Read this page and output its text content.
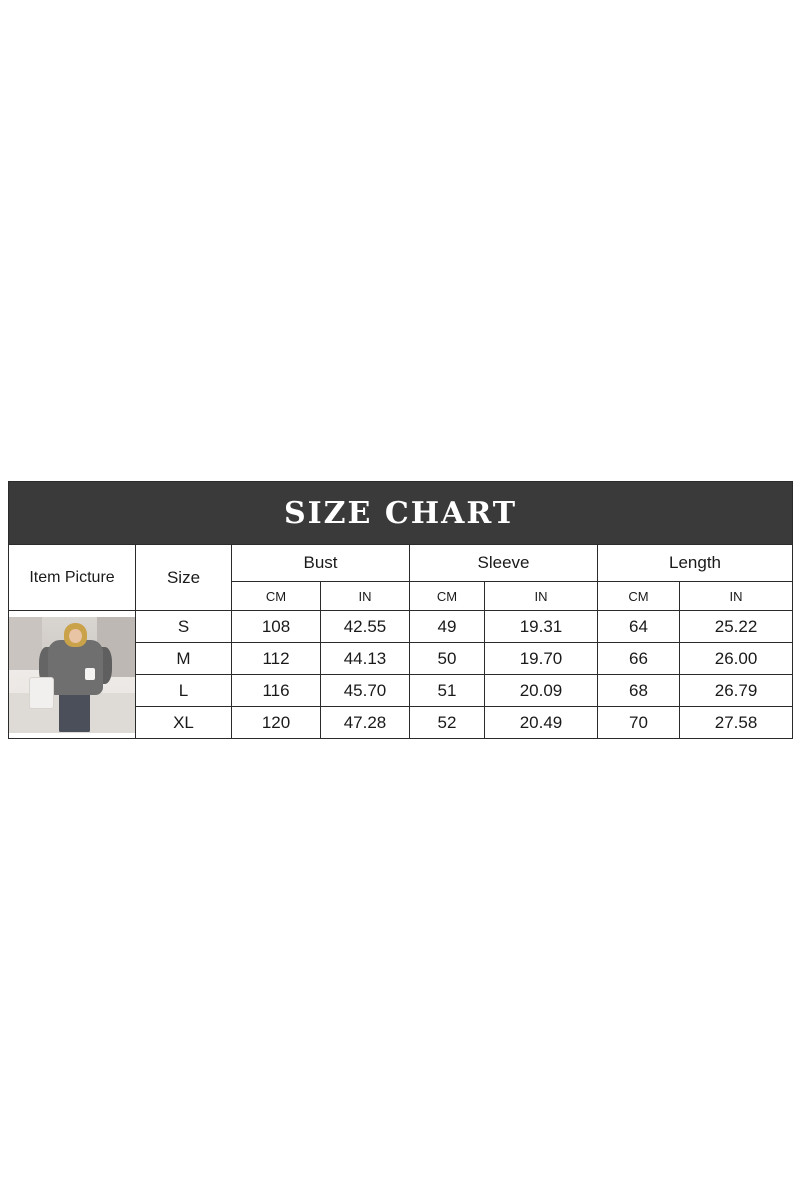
SIZE CHART							
Item Picture	Size	Bust		Sleeve		Length	
		CM	IN	CM	IN	CM	IN

	S	108	42.55	49	19.31	64	25.22
	M	112	44.13	50	19.70	66	26.00
	L	116	45.70	51	20.09	68	26.79
	XL	120	47.28	52	20.49	70	27.58
